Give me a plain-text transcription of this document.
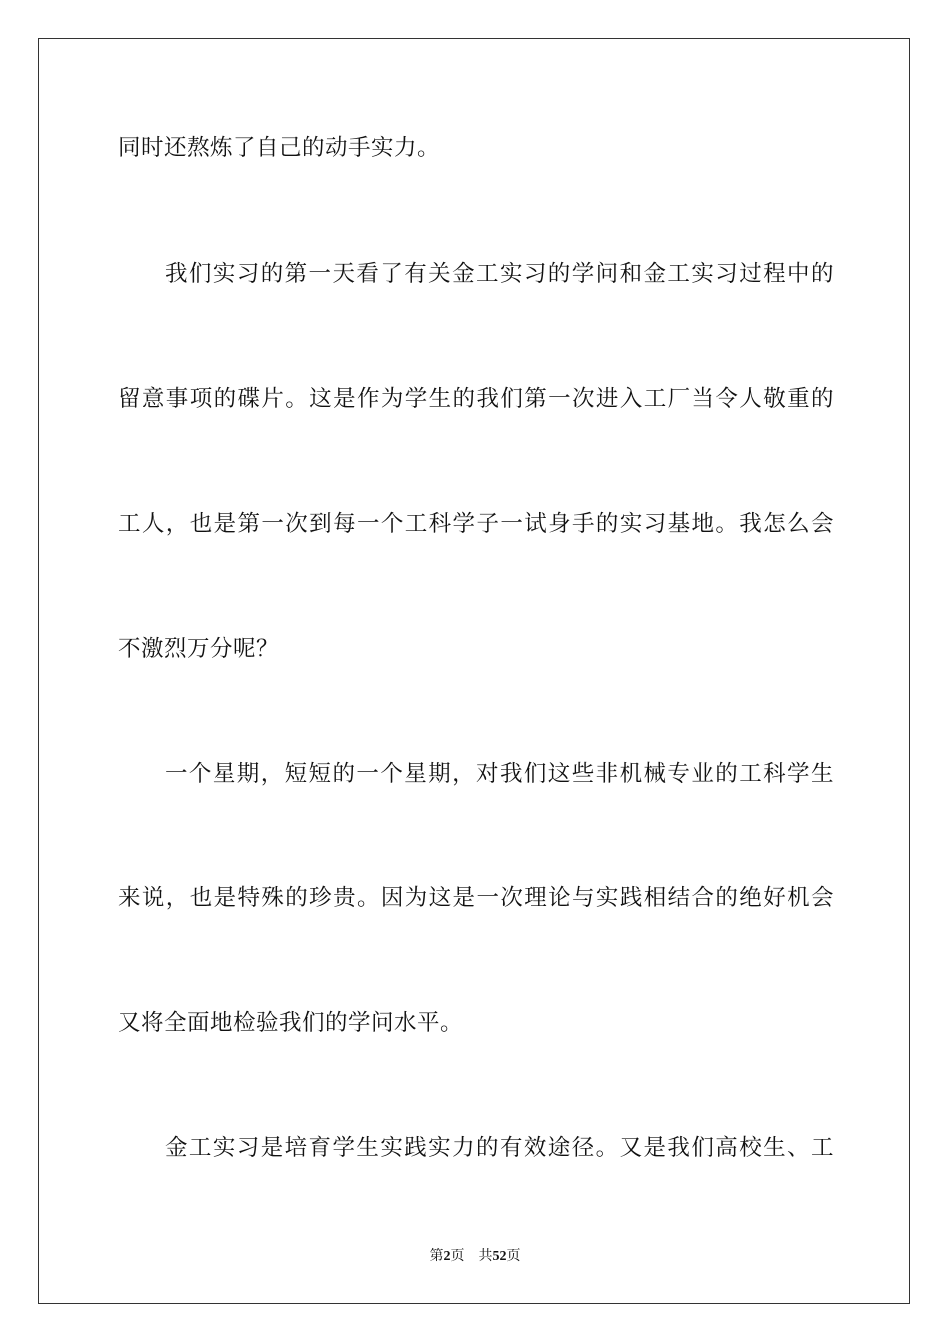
同时还熬炼了自己的动手实力。
我们实习的第一天看了有关金工实习的学问和金工实习过程中的
留意事项的碟片。这是作为学生的我们第一次进入工厂当令人敬重的
工人，也是第一次到每一个工科学子一试身手的实习基地。我怎么会
不激烈万分呢？
一个星期，短短的一个星期，对我们这些非机械专业的工科学生
来说，也是特殊的珍贵。因为这是一次理论与实践相结合的绝好机会
又将全面地检验我们的学问水平。
金工实习是培育学生实践实力的有效途径。又是我们高校生、工
第2页 共52页
